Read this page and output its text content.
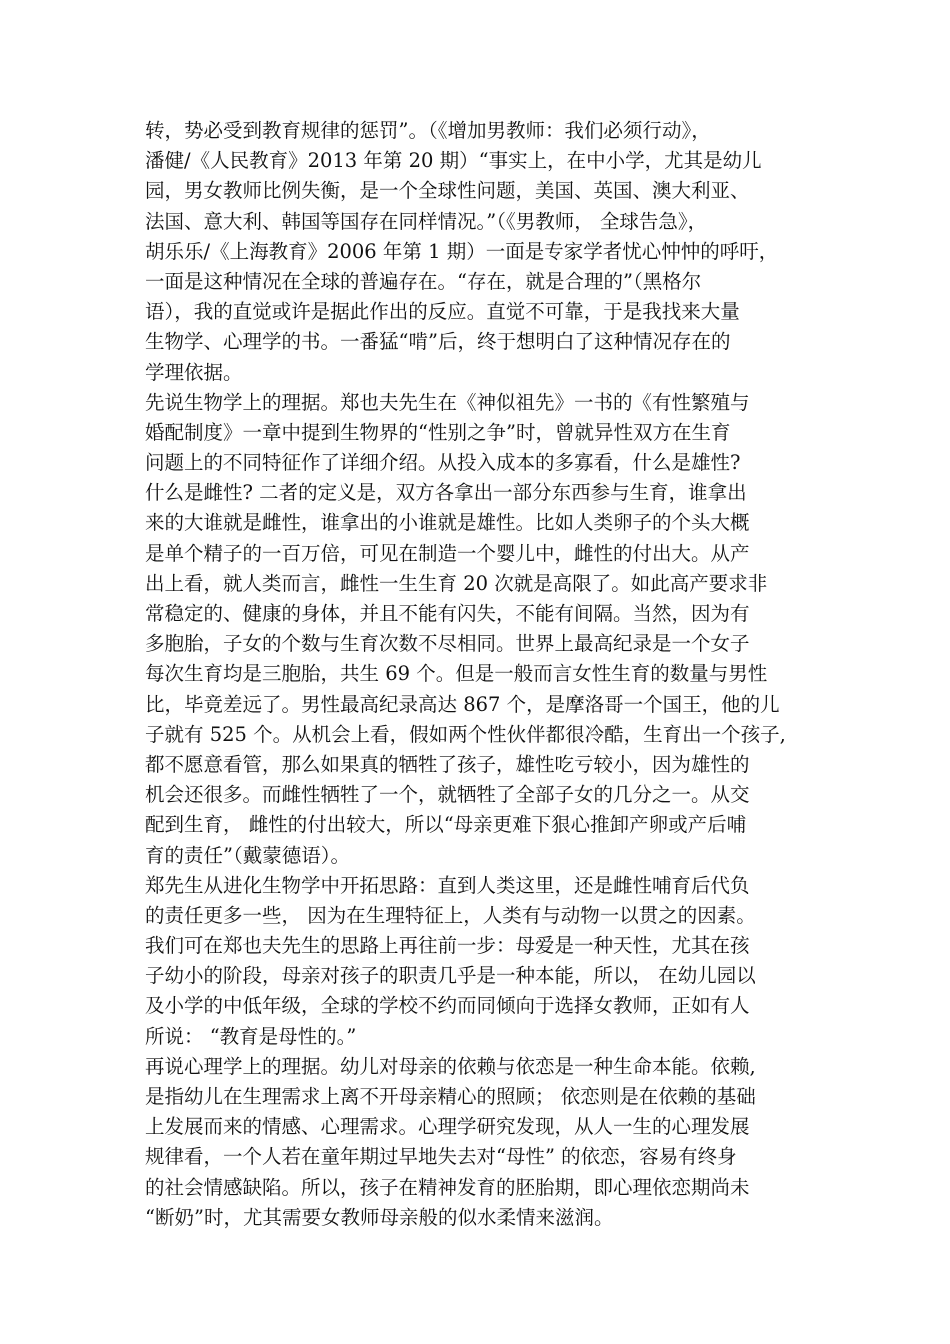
转，势必受到教育规律的惩罚”。（《增加男教师：我们必须行动》，
潘健/《人民教育》2013 年第 20 期）“事实上，在中小学，尤其是幼儿
园，男女教师比例失衡，是一个全球性问题，美国、英国、澳大利亚、
法国、意大利、韩国等国存在同样情况。”（《男教师， 全球告急》，
胡乐乐/《上海教育》2006 年第 1 期）一面是专家学者忧心忡忡的呼吁，
一面是这种情况在全球的普遍存在。“存在，就是合理的”（黑格尔
语），我的直觉或许是据此作出的反应。直觉不可靠，于是我找来大量
生物学、心理学的书。一番猛“啃”后，终于想明白了这种情况存在的
学理依据。
先说生物学上的理据。郑也夫先生在《神似祖先》一书的《有性繁殖与
婚配制度》一章中提到生物界的“性别之争”时，曾就异性双方在生育
问题上的不同特征作了详细介绍。从投入成本的多寡看，什么是雄性?
什么是雌性? 二者的定义是，双方各拿出一部分东西参与生育，谁拿出
来的大谁就是雌性，谁拿出的小谁就是雄性。比如人类卵子的个头大概
是单个精子的一百万倍，可见在制造一个婴儿中，雌性的付出大。从产
出上看，就人类而言，雌性一生生育 20 次就是高限了。如此高产要求非
常稳定的、健康的身体，并且不能有闪失，不能有间隔。当然，因为有
多胞胎，子女的个数与生育次数不尽相同。世界上最高纪录是一个女子
每次生育均是三胞胎，共生 69 个。但是一般而言女性生育的数量与男性
比，毕竟差远了。男性最高纪录高达 867 个，是摩洛哥一个国王，他的儿
子就有 525 个。从机会上看，假如两个性伙伴都很冷酷，生育出一个孩子,
都不愿意看管，那么如果真的牺牲了孩子，雄性吃亏较小，因为雄性的
机会还很多。而雌性牺牲了一个，就牺牲了全部子女的几分之一。从交
配到生育， 雌性的付出较大，所以“母亲更难下狠心推卸产卵或产后哺
育的责任”（戴蒙德语）。
郑先生从进化生物学中开拓思路：直到人类这里，还是雌性哺育后代负
的责任更多一些， 因为在生理特征上，人类有与动物一以贯之的因素。
我们可在郑也夫先生的思路上再往前一步：母爱是一种天性，尤其在孩
子幼小的阶段，母亲对孩子的职责几乎是一种本能，所以， 在幼儿园以
及小学的中低年级，全球的学校不约而同倾向于选择女教师，正如有人
所说： “教育是母性的。”
再说心理学上的理据。幼儿对母亲的依赖与依恋是一种生命本能。依赖,
是指幼儿在生理需求上离不开母亲精心的照顾； 依恋则是在依赖的基础
上发展而来的情感、心理需求。心理学研究发现，从人一生的心理发展
规律看，一个人若在童年期过早地失去对“母性” 的依恋，容易有终身
的社会情感缺陷。所以，孩子在精神发育的胚胎期，即心理依恋期尚未
“断奶”时，尤其需要女教师母亲般的似水柔情来滋润。
